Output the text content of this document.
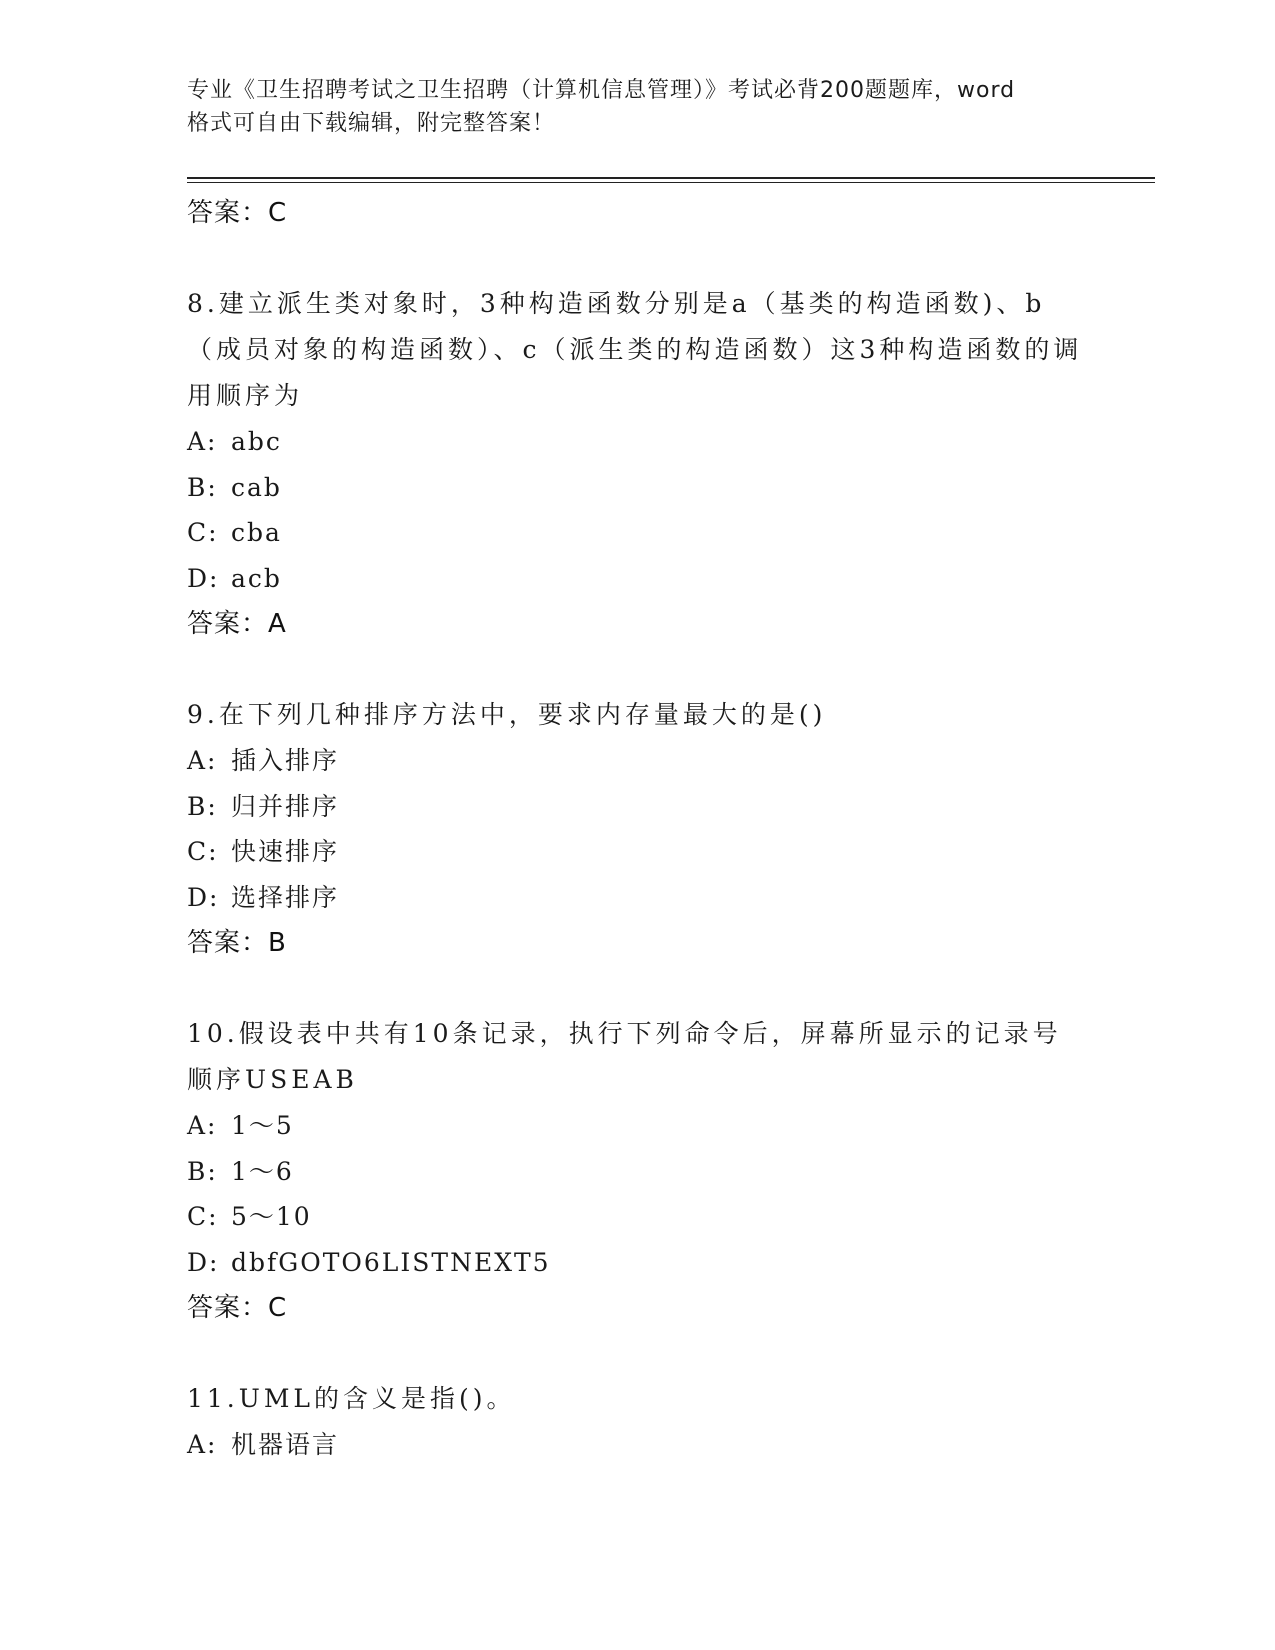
专业《卫生招聘考试之卫生招聘（计算机信息管理）》考试必背200题题库，word
格式可自由下载编辑，附完整答案！
答案：C
8.建立派生类对象时，3种构造函数分别是a（基类的构造函数)、b（成员对象的构造函数）、c（派生类的构造函数）这3种构造函数的调用顺序为
A: abc
B: cab
C: cba
D: acb
答案：A
9.在下列几种排序方法中，要求内存量最大的是()
A: 插入排序
B: 归并排序
C: 快速排序
D: 选择排序
答案：B
10.假设表中共有10条记录，执行下列命令后，屏幕所显示的记录号顺序USEAB
A: 1～5
B: 1～6
C: 5～10
D: dbfGOTO6LISTNEXT5
答案：C
11.UML的含义是指()。
A: 机器语言
